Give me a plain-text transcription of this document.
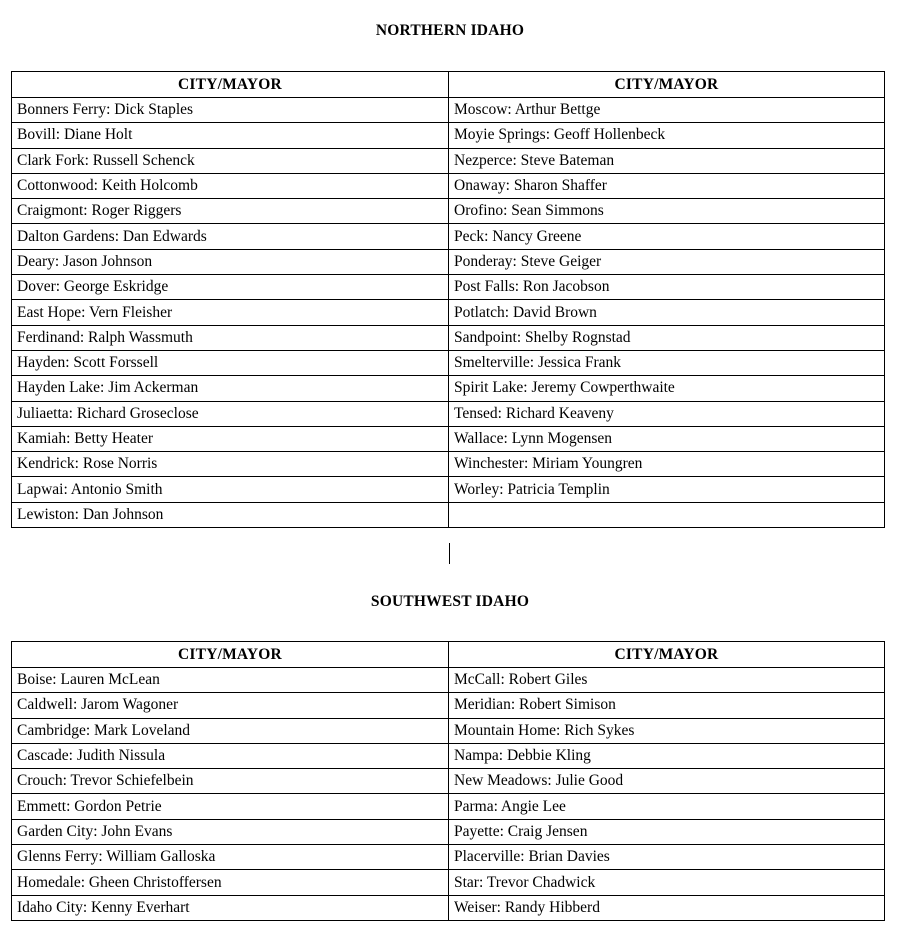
NORTHERN IDAHO
CITY/MAYOR	CITY/MAYOR
Bonners Ferry: Dick Staples	Moscow: Arthur Bettge
Bovill: Diane Holt	Moyie Springs: Geoff Hollenbeck
Clark Fork: Russell Schenck	Nezperce: Steve Bateman
Cottonwood: Keith Holcomb	Onaway: Sharon Shaffer
Craigmont: Roger Riggers	Orofino: Sean Simmons
Dalton Gardens: Dan Edwards	Peck: Nancy Greene
Deary: Jason Johnson	Ponderay: Steve Geiger
Dover: George Eskridge	Post Falls: Ron Jacobson
East Hope: Vern Fleisher	Potlatch: David Brown
Ferdinand: Ralph Wassmuth	Sandpoint: Shelby Rognstad
Hayden: Scott Forssell	Smelterville: Jessica Frank
Hayden Lake: Jim Ackerman	Spirit Lake: Jeremy Cowperthwaite
Juliaetta: Richard Groseclose	Tensed: Richard Keaveny
Kamiah: Betty Heater	Wallace: Lynn Mogensen
Kendrick: Rose Norris	Winchester: Miriam Youngren
Lapwai: Antonio Smith	Worley: Patricia Templin
Lewiston: Dan Johnson	
SOUTHWEST IDAHO
CITY/MAYOR	CITY/MAYOR
Boise: Lauren McLean	McCall: Robert Giles
Caldwell: Jarom Wagoner	Meridian: Robert Simison
Cambridge: Mark Loveland	Mountain Home: Rich Sykes
Cascade: Judith Nissula	Nampa: Debbie Kling
Crouch: Trevor Schiefelbein	New Meadows: Julie Good
Emmett: Gordon Petrie	Parma: Angie Lee
Garden City: John Evans	Payette: Craig Jensen
Glenns Ferry: William Galloska	Placerville: Brian Davies
Homedale: Gheen Christoffersen	Star: Trevor Chadwick
Idaho City: Kenny Everhart	Weiser: Randy Hibberd
